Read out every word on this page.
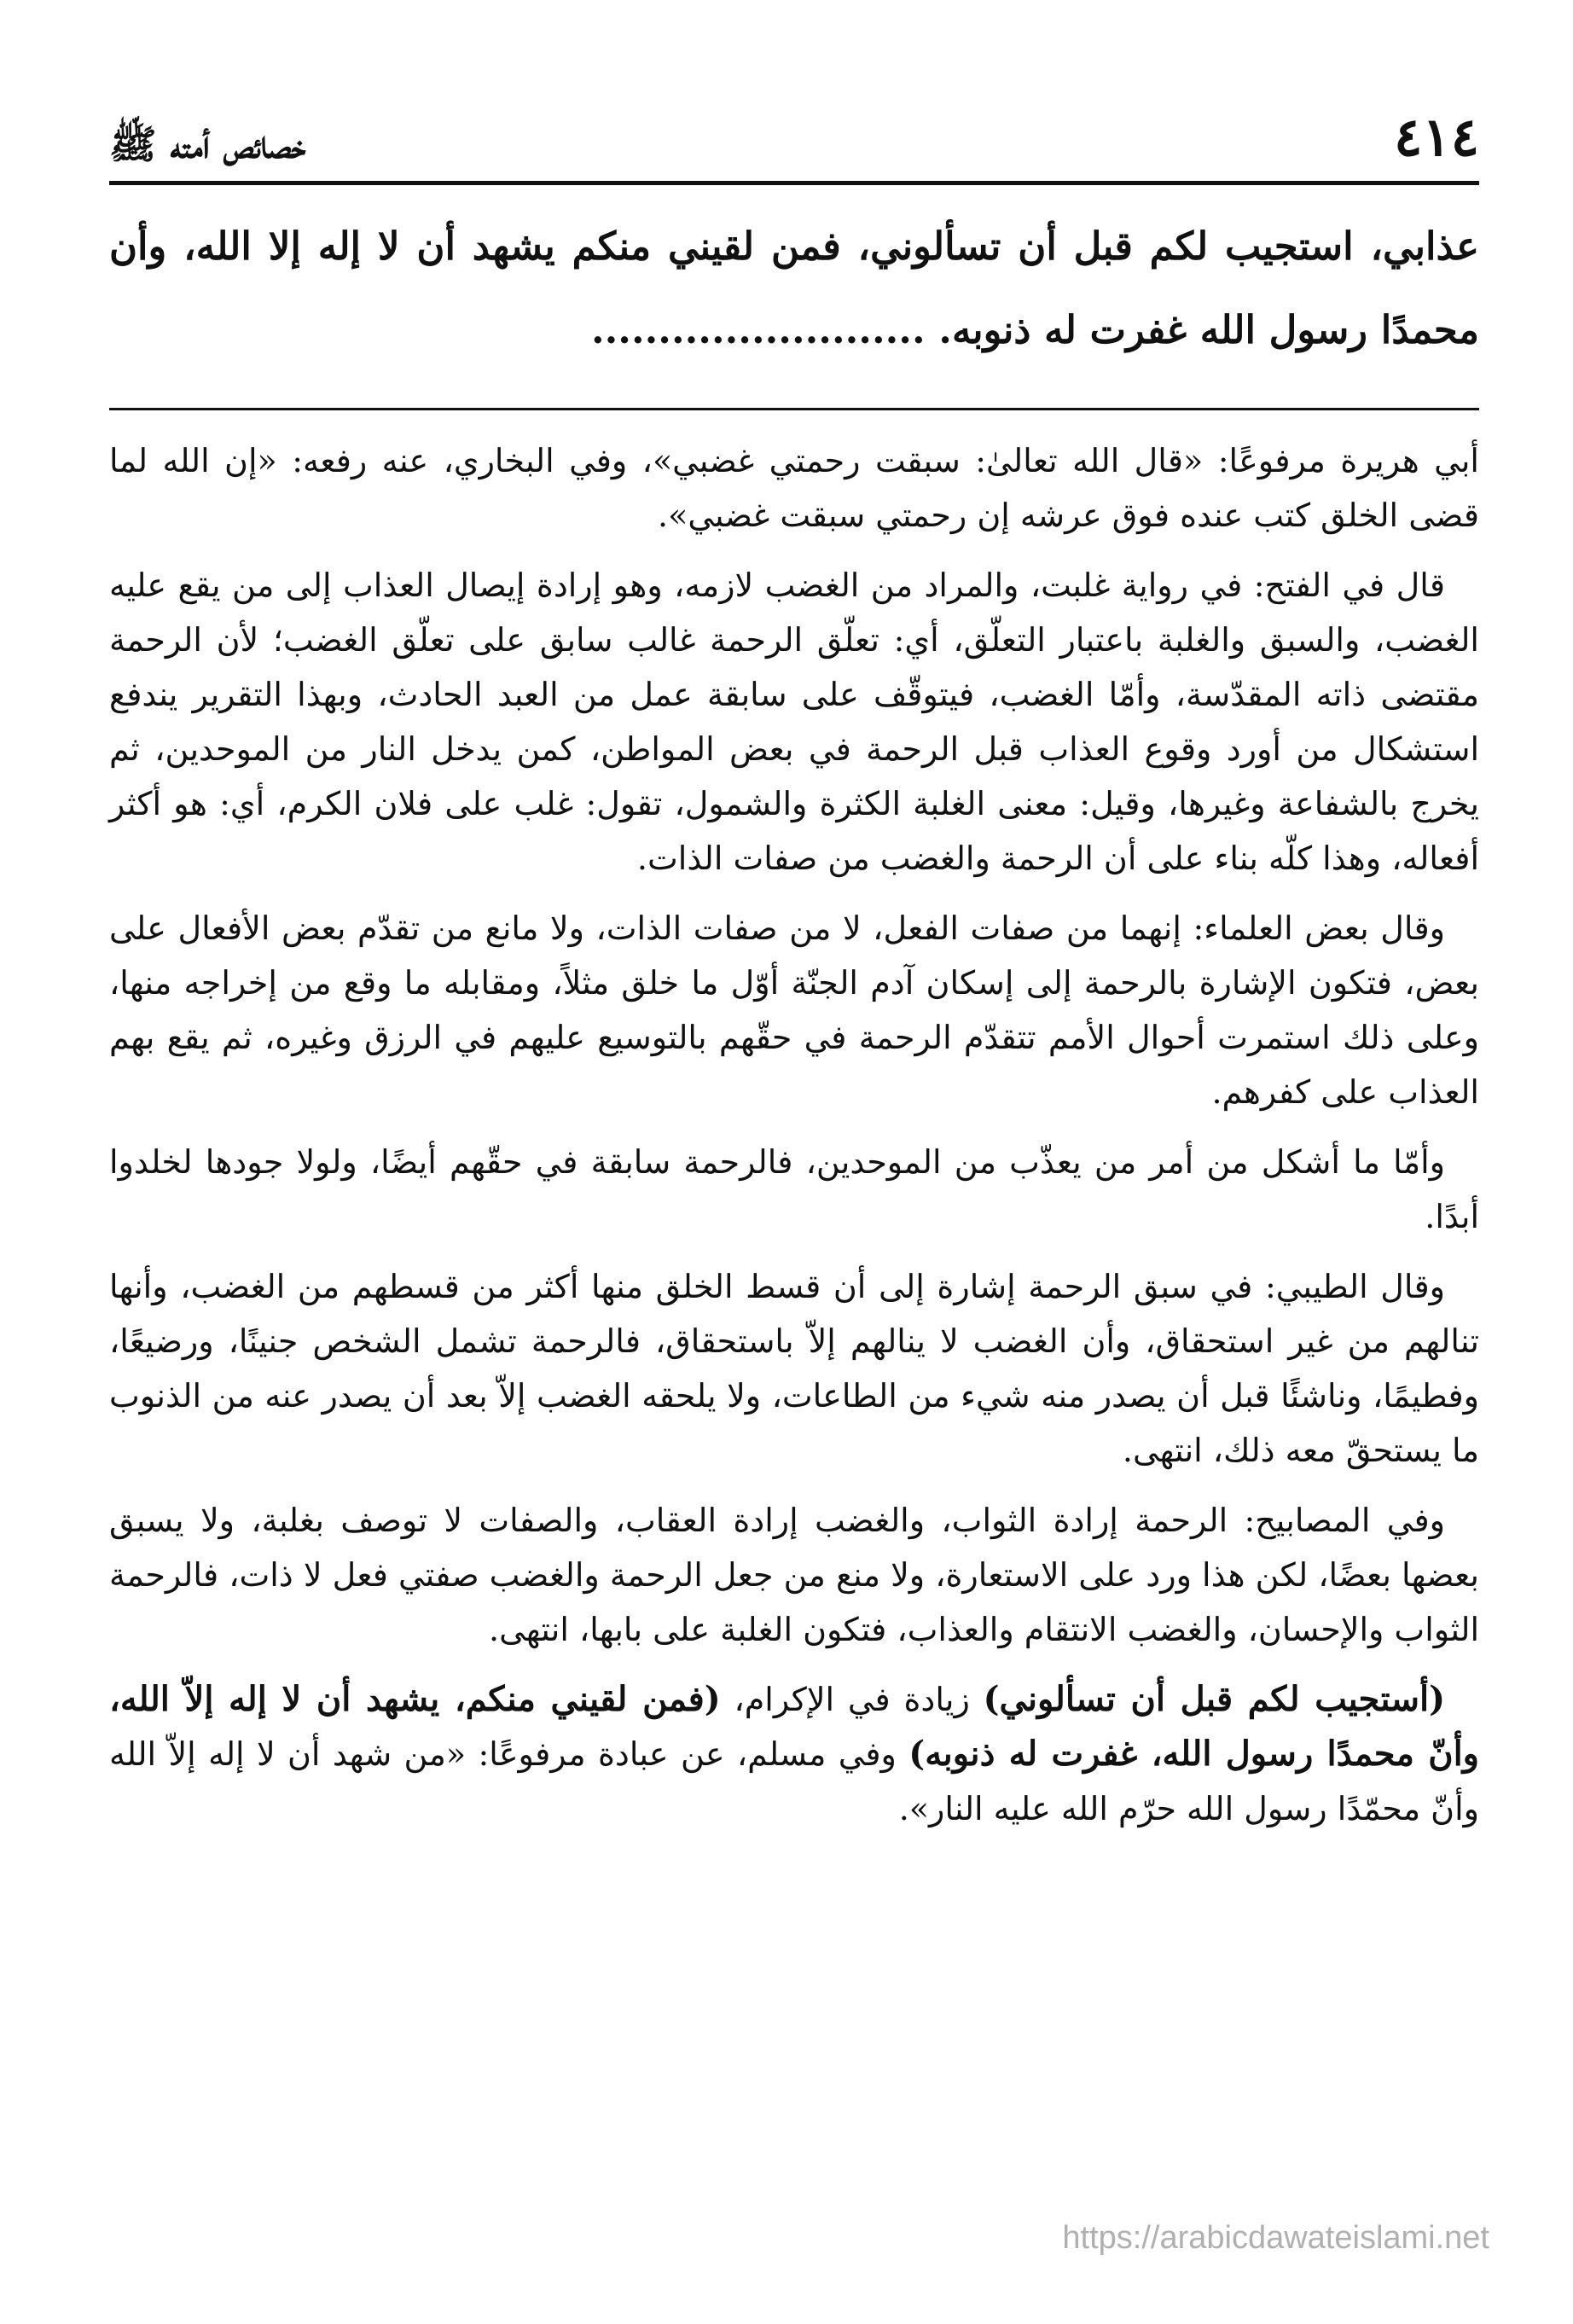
٤١٤
خصائص أمته ﷺ
عذابي، استجيب لكم قبل أن تسألوني، فمن لقيني منكم يشهد أن لا إله إلا الله، وأن محمدًا رسول الله غفرت له ذنوبه. .........................

أبي هريرة مرفوعًا: «قال الله تعالىٰ: سبقت رحمتي غضبي»، وفي البخاري، عنه رفعه: «إن الله لما قضى الخلق كتب عنده فوق عرشه إن رحمتي سبقت غضبي».

قال في الفتح: في رواية غلبت، والمراد من الغضب لازمه، وهو إرادة إيصال العذاب إلى من يقع عليه الغضب، والسبق والغلبة باعتبار التعلّق، أي: تعلّق الرحمة غالب سابق على تعلّق الغضب؛ لأن الرحمة مقتضى ذاته المقدّسة، وأمّا الغضب، فيتوقّف على سابقة عمل من العبد الحادث، وبهذا التقرير يندفع استشكال من أورد وقوع العذاب قبل الرحمة في بعض المواطن، كمن يدخل النار من الموحدين، ثم يخرج بالشفاعة وغيرها، وقيل: معنى الغلبة الكثرة والشمول، تقول: غلب على فلان الكرم، أي: هو أكثر أفعاله، وهذا كلّه بناء على أن الرحمة والغضب من صفات الذات.

وقال بعض العلماء: إنهما من صفات الفعل، لا من صفات الذات، ولا مانع من تقدّم بعض الأفعال على بعض، فتكون الإشارة بالرحمة إلى إسكان آدم الجنّة أوّل ما خلق مثلاً، ومقابله ما وقع من إخراجه منها، وعلى ذلك استمرت أحوال الأمم تتقدّم الرحمة في حقّهم بالتوسيع عليهم في الرزق وغيره، ثم يقع بهم العذاب على كفرهم.

وأمّا ما أشكل من أمر من يعذّب من الموحدين، فالرحمة سابقة في حقّهم أيضًا، ولولا جودها لخلدوا أبدًا.

وقال الطيبي: في سبق الرحمة إشارة إلى أن قسط الخلق منها أكثر من قسطهم من الغضب، وأنها تنالهم من غير استحقاق، وأن الغضب لا ينالهم إلاّ باستحقاق، فالرحمة تشمل الشخص جنينًا، ورضيعًا، وفطيمًا، وناشئًا قبل أن يصدر منه شيء من الطاعات، ولا يلحقه الغضب إلاّ بعد أن يصدر عنه من الذنوب ما يستحقّ معه ذلك، انتهى.

وفي المصابيح: الرحمة إرادة الثواب، والغضب إرادة العقاب، والصفات لا توصف بغلبة، ولا يسبق بعضها بعضًا، لكن هذا ورد على الاستعارة، ولا منع من جعل الرحمة والغضب صفتي فعل لا ذات، فالرحمة الثواب والإحسان، والغضب الانتقام والعذاب، فتكون الغلبة على بابها، انتهى.

(أستجيب لكم قبل أن تسألوني) زيادة في الإكرام، (فمن لقيني منكم، يشهد أن لا إله إلاّ الله، وأنّ محمدًا رسول الله، غفرت له ذنوبه) وفي مسلم، عن عبادة مرفوعًا: «من شهد أن لا إله إلاّ الله وأنّ محمّدًا رسول الله حرّم الله عليه النار».

https://arabicdawateislami.net
